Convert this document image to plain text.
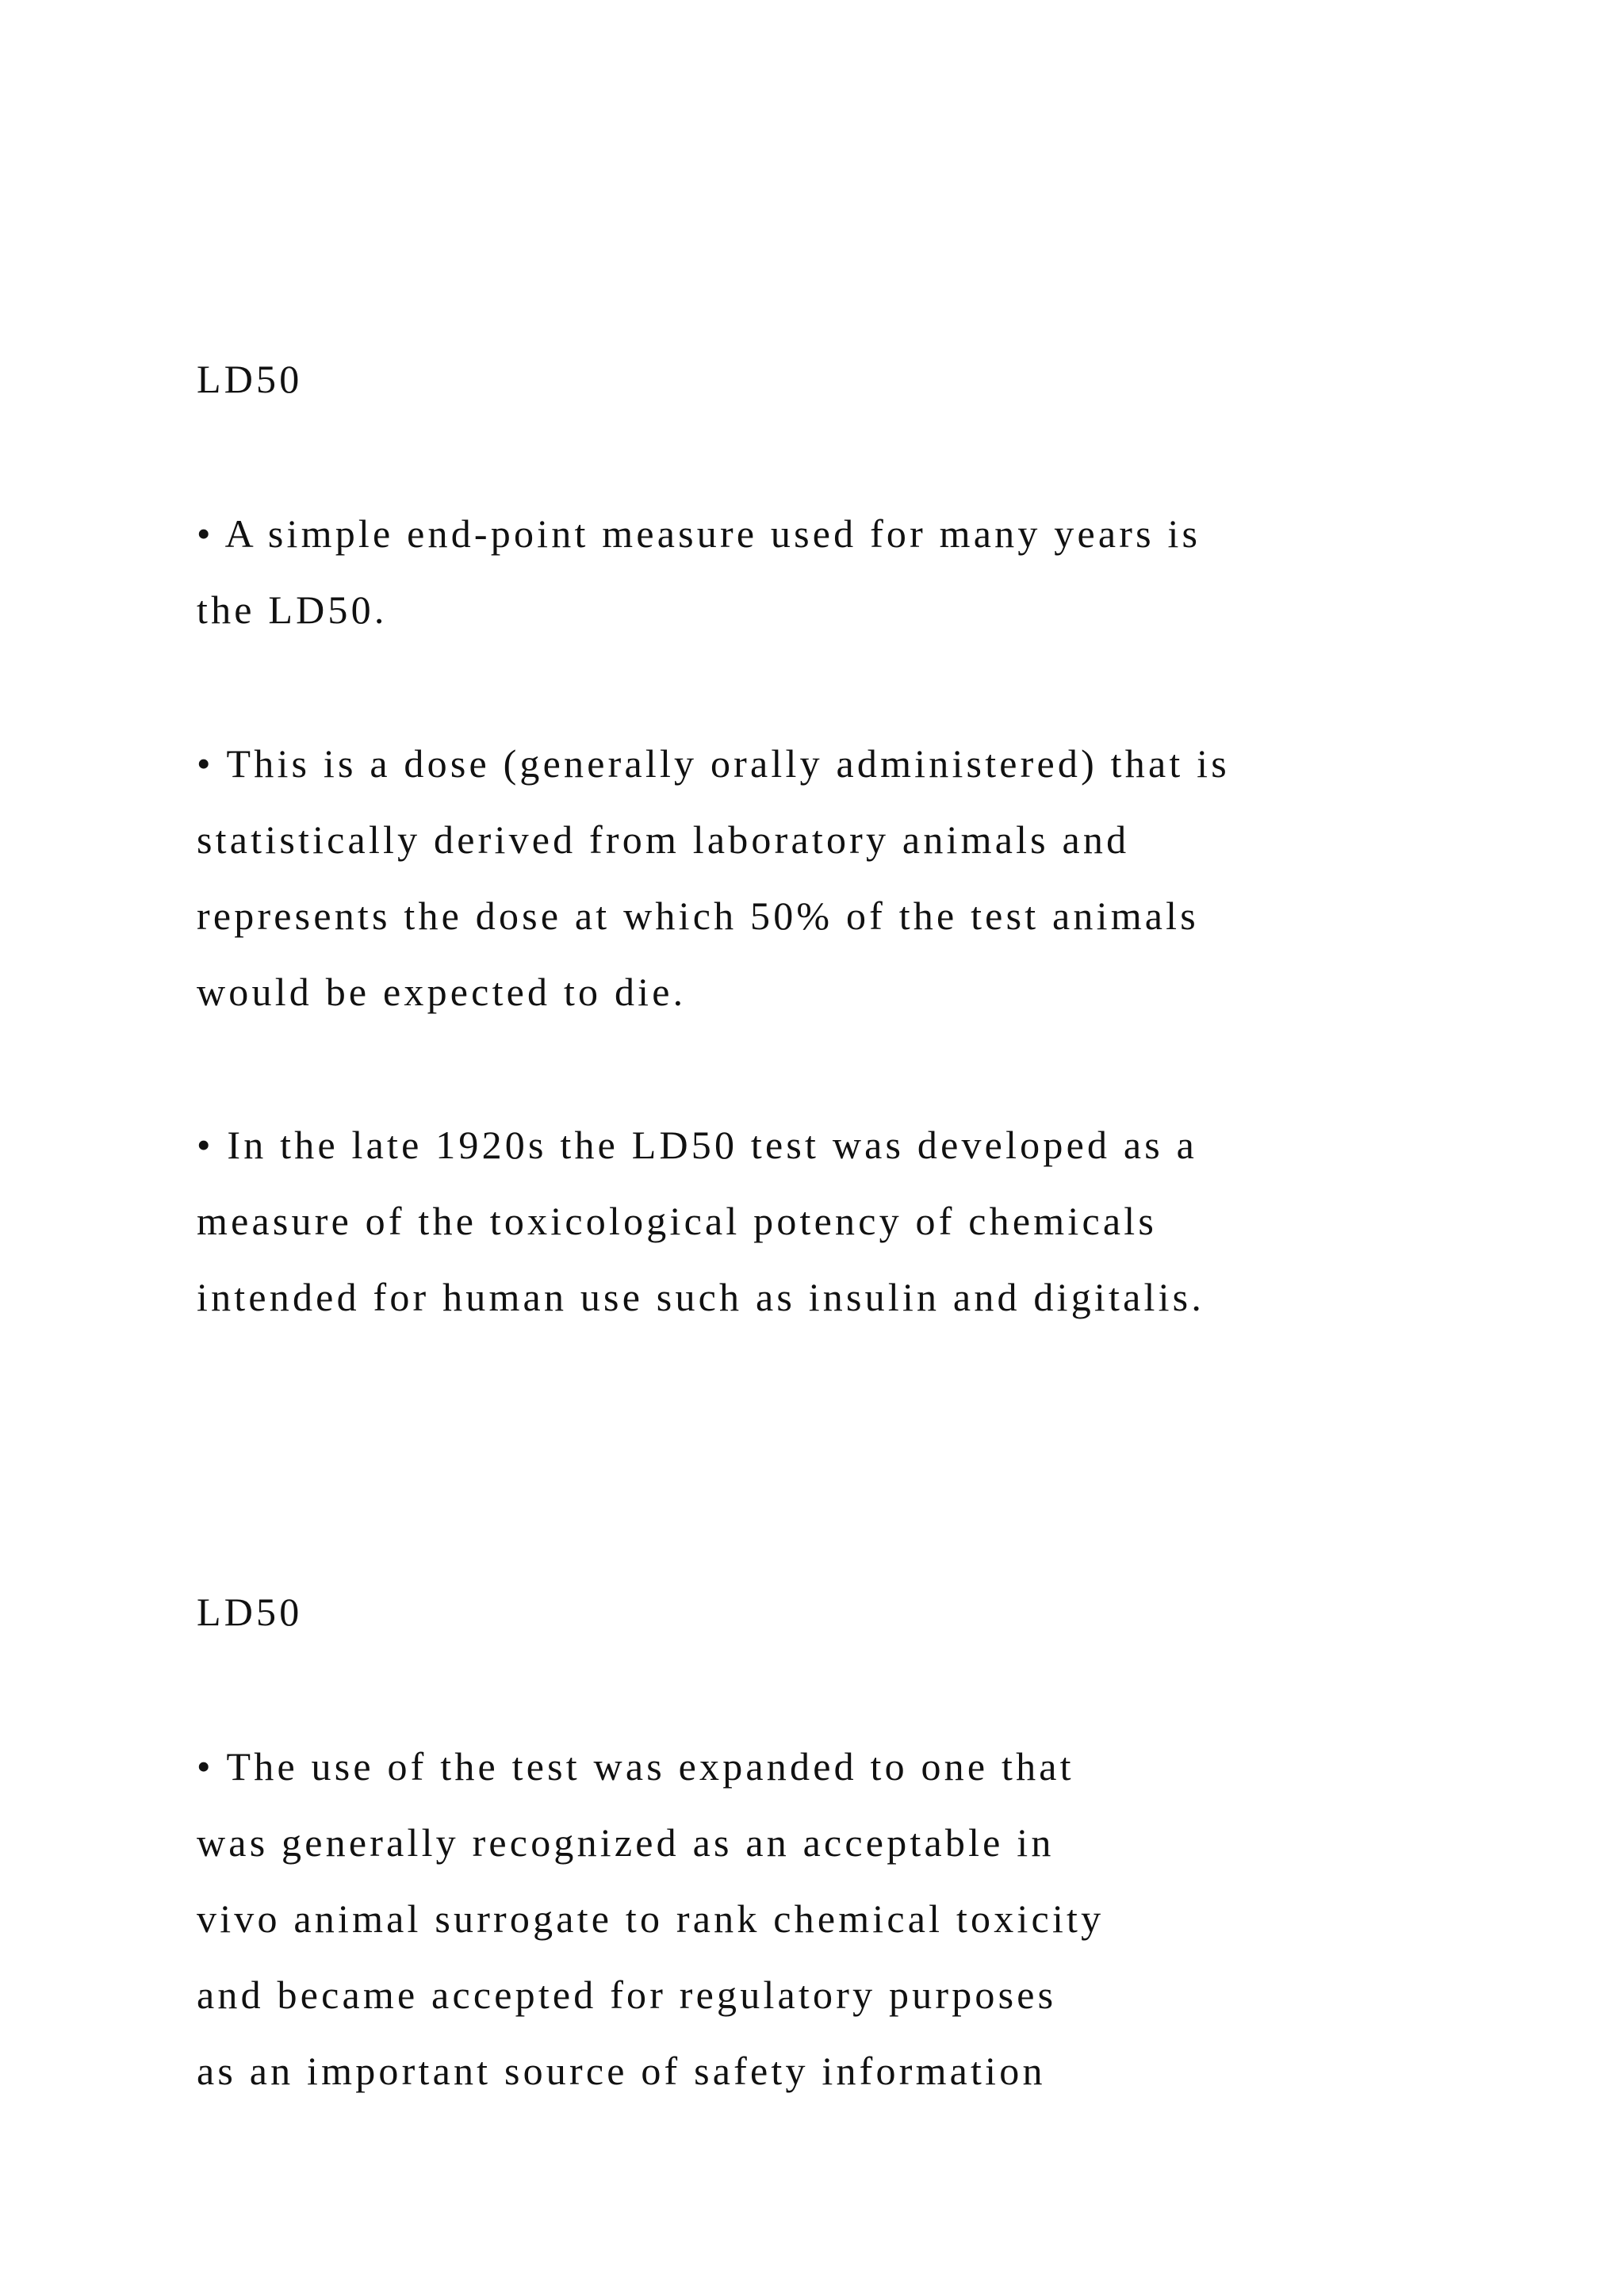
LD50
• A simple end-point measure used for many years is
the LD50.
• This is a dose (generally orally administered) that is
statistically derived from laboratory animals and
represents the dose at which 50% of the test animals
would be expected to die.
• In the late 1920s the LD50 test was developed as a
measure of the toxicological potency of chemicals
intended for human use such as insulin and digitalis.
LD50
• The use of the test was expanded to one that
was generally recognized as an acceptable in
vivo animal surrogate to rank chemical toxicity
and became accepted for regulatory purposes
as an important source of safety information
